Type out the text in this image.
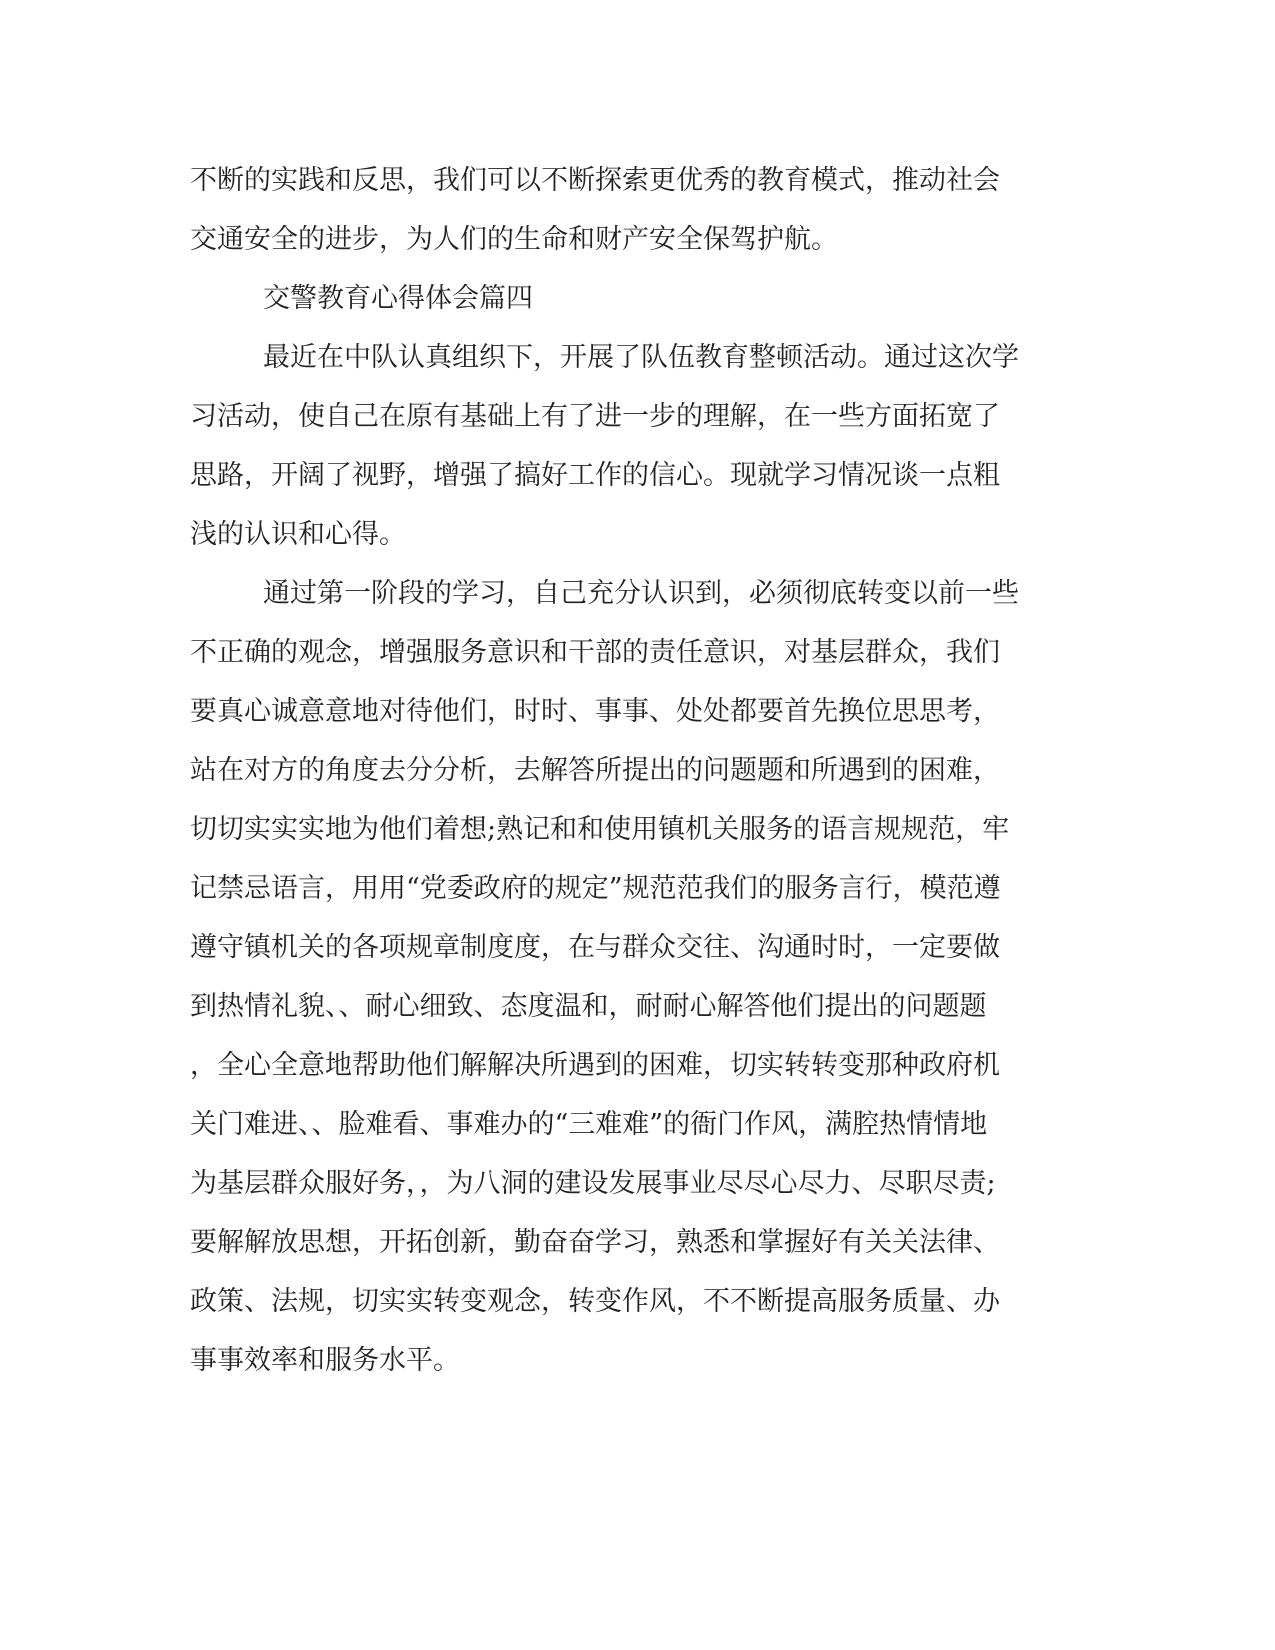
不断的实践和反思，我们可以不断探索更优秀的教育模式，推动社会
交通安全的进步，为人们的生命和财产安全保驾护航。
交警教育心得体会篇四
最近在中队认真组织下，开展了队伍教育整顿活动。通过这次学
习活动，使自己在原有基础上有了进一步的理解，在一些方面拓宽了
思路，开阔了视野，增强了搞好工作的信心。现就学习情况谈一点粗
浅的认识和心得。
通过第一阶段的学习，自己充分认识到，必须彻底转变以前一些
不正确的观念，增强服务意识和干部的责任意识，对基层群众，我们
要真心诚意意地对待他们，时时、事事、处处都要首先换位思思考，
站在对方的角度去分分析，去解答所提出的问题题和所遇到的困难，
切切实实实地为他们着想;熟记和和使用镇机关服务的语言规规范，牢
记禁忌语言，用用“党委政府的规定”规范范我们的服务言行，模范遵
遵守镇机关的各项规章制度度，在与群众交往、沟通时时，一定要做
到热情礼貌、、耐心细致、态度温和，耐耐心解答他们提出的问题题
，全心全意地帮助他们解解决所遇到的困难，切实转转变那种政府机
关门难进、、脸难看、事难办的“三难难”的衙门作风，满腔热情情地
为基层群众服好务，，为八洞的建设发展事业尽尽心尽力、尽职尽责;
要解解放思想，开拓创新，勤奋奋学习，熟悉和掌握好有关关法律、
政策、法规，切实实转变观念，转变作风，不不断提高服务质量、办
事事效率和服务水平。
